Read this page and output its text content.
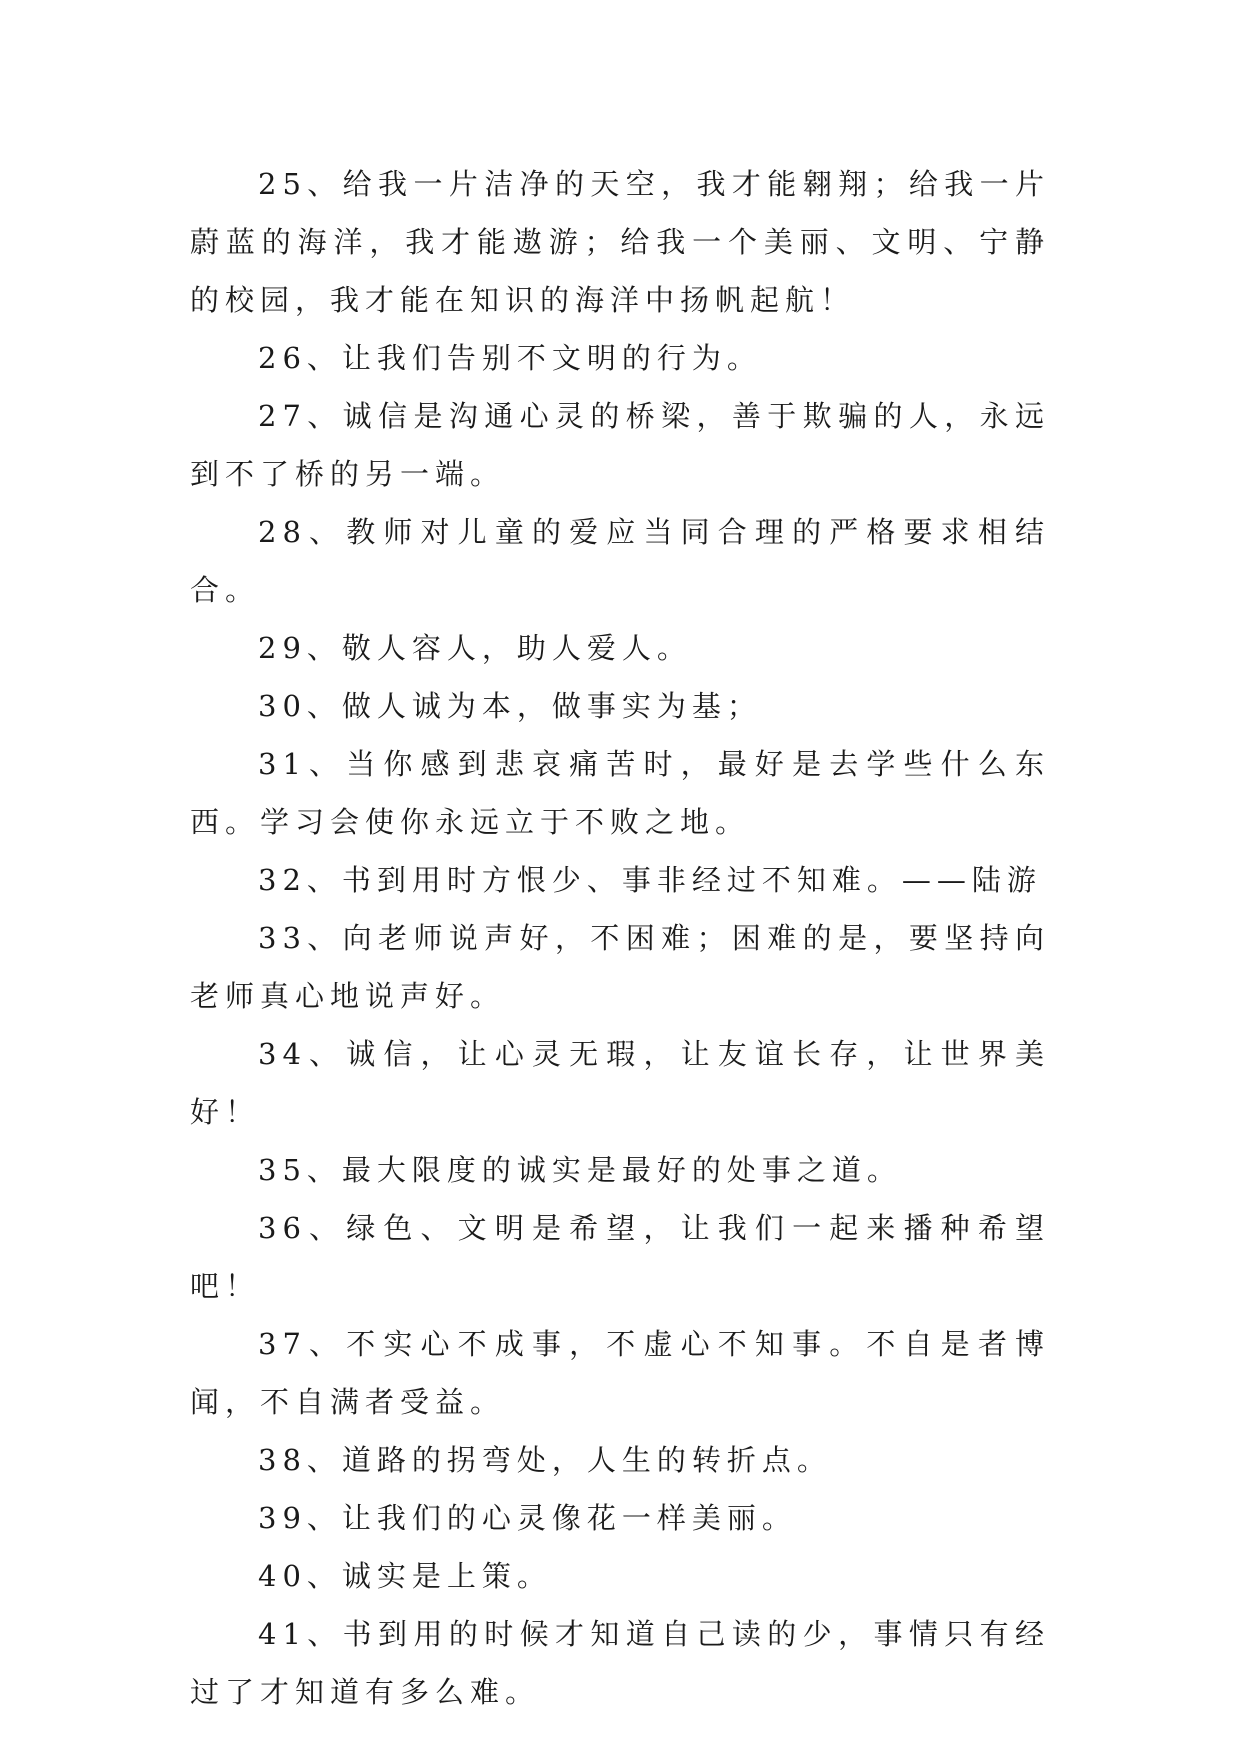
25、给我一片洁净的天空，我才能翱翔；给我一片蔚蓝的海洋，我才能遨游；给我一个美丽、文明、宁静的校园，我才能在知识的海洋中扬帆起航！

26、让我们告别不文明的行为。

27、诚信是沟通心灵的桥梁，善于欺骗的人，永远到不了桥的另一端。

28、教师对儿童的爱应当同合理的严格要求相结合。

29、敬人容人，助人爱人。

30、做人诚为本，做事实为基；

31、当你感到悲哀痛苦时，最好是去学些什么东西。学习会使你永远立于不败之地。

32、书到用时方恨少、事非经过不知难。——陆游

33、向老师说声好，不困难；困难的是，要坚持向老师真心地说声好。

34、诚信，让心灵无瑕，让友谊长存，让世界美好！

35、最大限度的诚实是最好的处事之道。

36、绿色、文明是希望，让我们一起来播种希望吧！

37、不实心不成事，不虚心不知事。不自是者博闻，不自满者受益。

38、道路的拐弯处，人生的转折点。

39、让我们的心灵像花一样美丽。

40、诚实是上策。

41、书到用的时候才知道自己读的少，事情只有经过了才知道有多么难。
